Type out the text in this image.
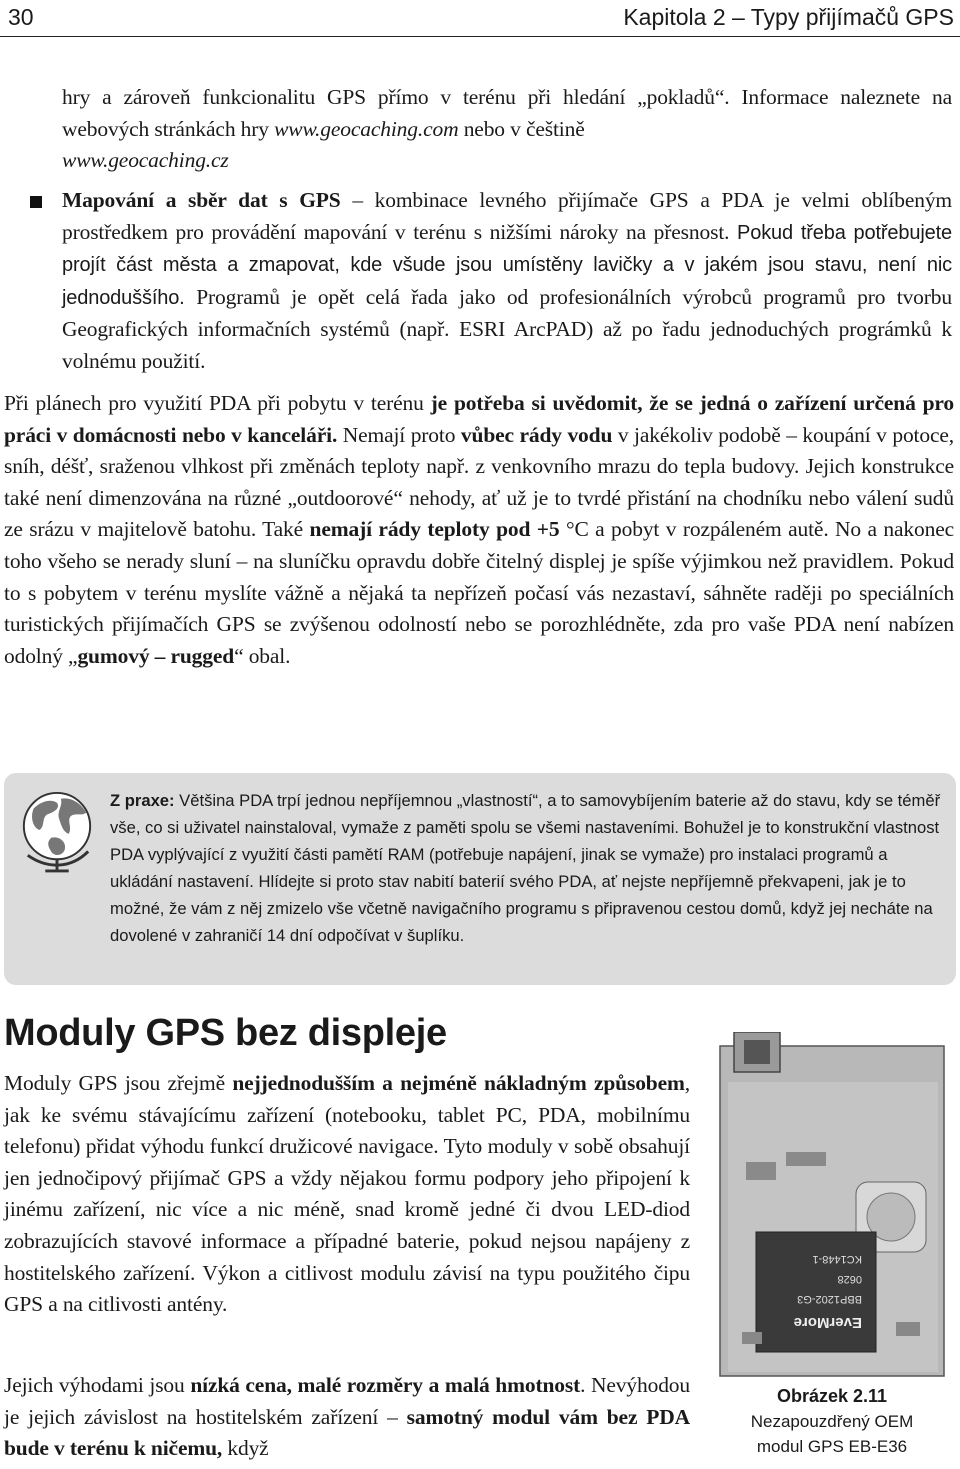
30	Kapitola 2 – Typy přijímačů GPS

hry a zároveň funkcionalitu GPS přímo v terénu při hledání „pokladů“. Informace naleznete na webových stránkách hry www.geocaching.com nebo v češtině
www.geocaching.cz

Mapování a sběr dat s GPS – kombinace levného přijímače GPS a PDA je velmi oblíbeným prostředkem pro provádění mapování v terénu s nižšími nároky na přesnost. Pokud třeba potřebujete projít část města a zmapovat, kde všude jsou umístěny lavičky a v jakém jsou stavu, není nic jednoduššího. Programů je opět celá řada jako od profesionálních výrobců programů pro tvorbu Geografických informačních systémů (např. ESRI ArcPAD) až po řadu jednoduchých prográmků k volnému použití.

Při plánech pro využití PDA při pobytu v terénu je potřeba si uvědomit, že se jedná o zařízení určená pro práci v domácnosti nebo v kanceláři. Nemají proto vůbec rády vodu v jakékoliv podobě – koupání v potoce, sníh, déšť, sraženou vlhkost při změnách teploty např. z venkovního mrazu do tepla budovy. Jejich konstrukce také není dimenzována na různé „outdoorové“ nehody, ať už je to tvrdé přistání na chodníku nebo válení sudů ze srázu v majitelově batohu. Také nemají rády teploty pod +5 °C a pobyt v rozpáleném autě. No a nakonec toho všeho se nerady sluní – na sluníčku opravdu dobře čitelný displej je spíše výjimkou než pravidlem. Pokud to s pobytem v terénu myslíte vážně a nějaká ta nepřízeň počasí vás nezastaví, sáhněte raději po speciálních turistických přijímačích GPS se zvýšenou odolností nebo se porozhlédněte, zda pro vaše PDA není nabízen odolný „gumový – rugged“ obal.

Z praxe: Většina PDA trpí jednou nepříjemnou „vlastností“, a to samovybíjením baterie až do stavu, kdy se téměř vše, co si uživatel nainstaloval, vymaže z paměti spolu se všemi nastaveními. Bohužel je to konstrukční vlastnost PDA vyplývající z využití části pamětí RAM (potřebuje napájení, jinak se vymaže) pro instalaci programů a ukládání nastavení. Hlídejte si proto stav nabití baterií svého PDA, ať nejste nepříjemně překvapeni, jak je to možné, že vám z něj zmizelo vše včetně navigačního programu s připravenou cestou domů, když jej necháte na dovolené v zahraničí 14 dní odpočívat v šuplíku.

Moduly GPS bez displeje

Moduly GPS jsou zřejmě nejjednodušším a nejméně nákladným způsobem, jak ke svému stávajícímu zařízení (notebooku, tablet PC, PDA, mobilnímu telefonu) přidat výhodu funkcí družicové navigace. Tyto moduly v sobě obsahují jen jednočipový přijímač GPS a vždy nějakou formu podpory jeho připojení k jinému zařízení, nic více a nic méně, snad kromě jedné či dvou LED-diod zobrazujících stavové informace a případné baterie, pokud nejsou napájeny z hostitelského zařízení. Výkon a citlivost modulu závisí na typu použitého čipu GPS a na citlivosti antény.

Jejich výhodami jsou nízká cena, malé rozměry a malá hmotnost. Nevýhodou je jejich závislost na hostitelském zařízení – samotný modul vám bez PDA bude v terénu k ničemu, když

EverMore
BBP1202-G3
0628
KC1448-1
Obrázek 2.11
Nezapouzdřený OEM
modul GPS EB-E36
